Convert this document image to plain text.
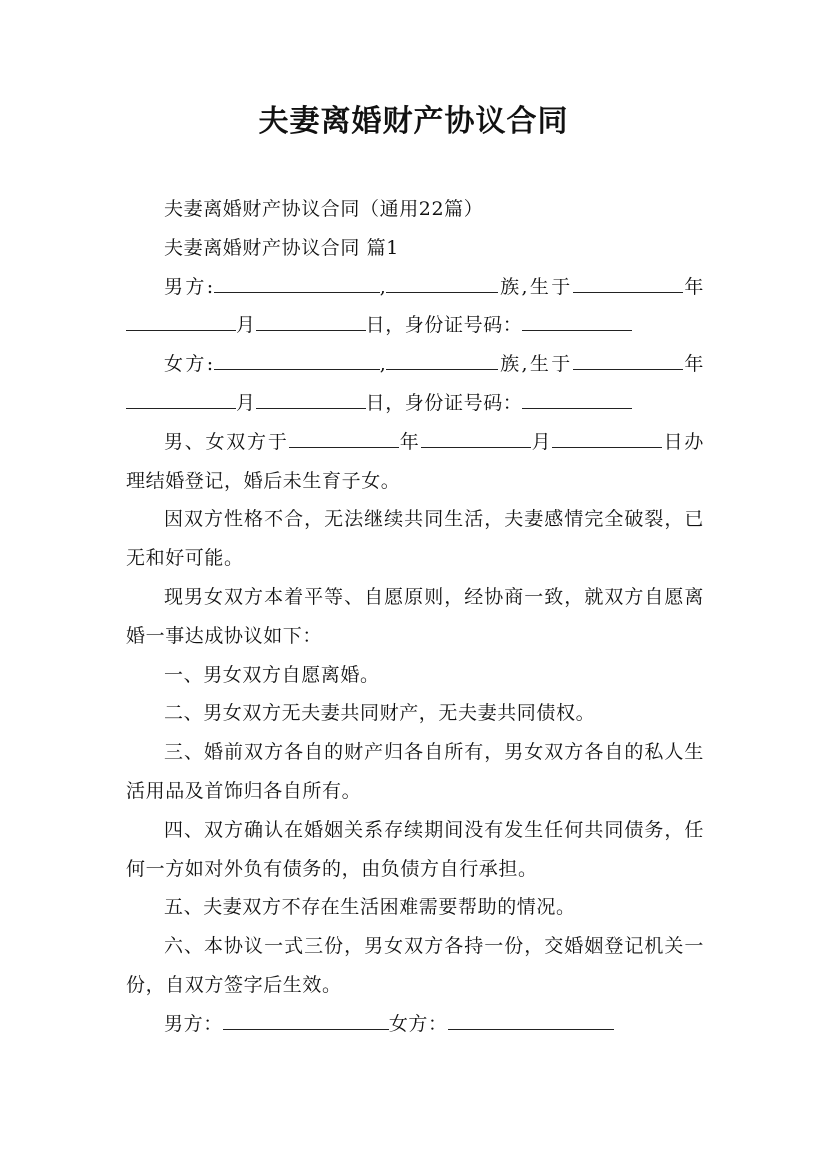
夫妻离婚财产协议合同

夫妻离婚财产协议合同（通用22篇）

夫妻离婚财产协议合同 篇1

男方:	,	族,生于	年月	日，身份证号码：

女方:	,	族,生于	年月	日，身份证号码：

男、女双方于	年	月	日办理结婚登记，婚后未生育子女。

因双方性格不合，无法继续共同生活，夫妻感情完全破裂，已无和好可能。

现男女双方本着平等、自愿原则，经协商一致，就双方自愿离婚一事达成协议如下：

一、男女双方自愿离婚。

二、男女双方无夫妻共同财产，无夫妻共同债权。

三、婚前双方各自的财产归各自所有，男女双方各自的私人生活用品及首饰归各自所有。

四、双方确认在婚姻关系存续期间没有发生任何共同债务，任何一方如对外负有债务的，由负债方自行承担。

五、夫妻双方不存在生活困难需要帮助的情况。

六、本协议一式三份，男女双方各持一份，交婚姻登记机关一份，自双方签字后生效。

男方：	女方：
